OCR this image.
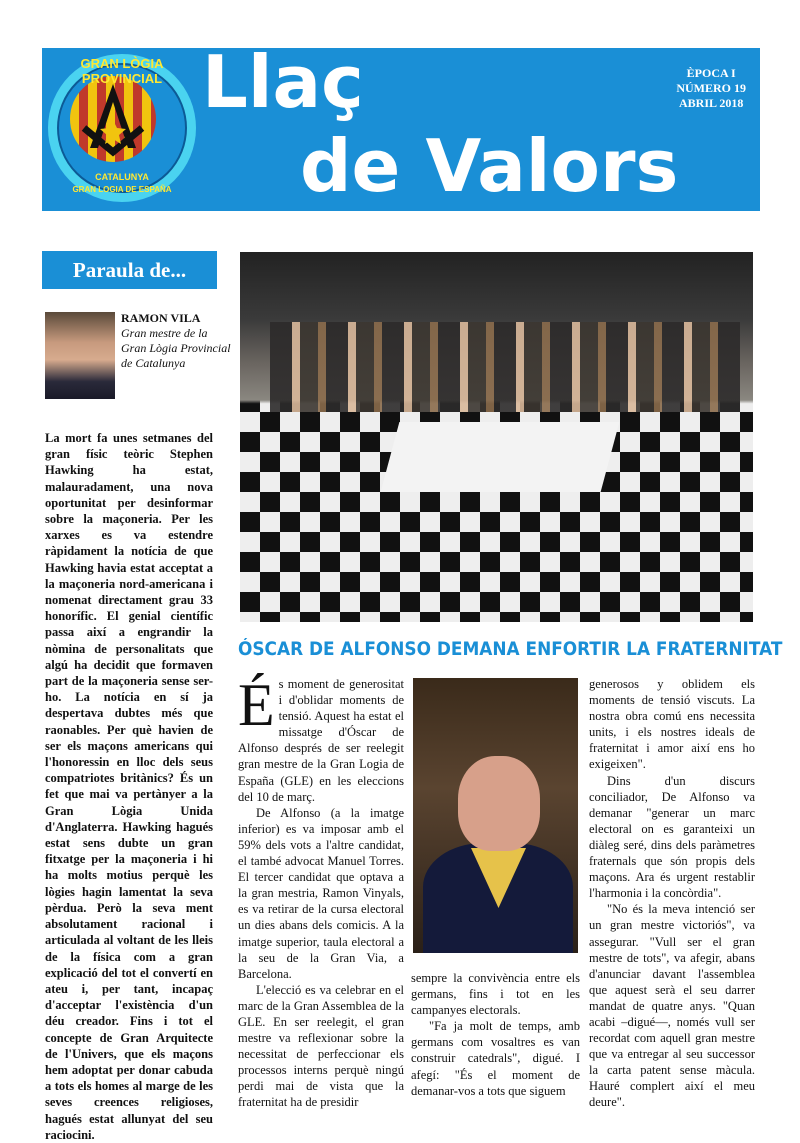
GRAN LÒGIA PROVINCIAL
CATALUNYA
GRAN LOGIA DE ESPAÑA
Llaç
de Valors
ÈPOCA I
NÚMERO 19
ABRIL 2018
Paraula de...
RAMON VILA
Gran mestre de la Gran Lògia Provincial de Catalunya

La mort fa unes setmanes del gran físic teòric Stephen Hawking ha estat, malauradament, una nova oportunitat per desinformar sobre la maçoneria. Per les xarxes es va estendre ràpidament la notícia de que Hawking havia estat acceptat a la maçoneria nord-americana i nomenat directament grau 33 honorífic. El genial científic passa així a engrandir la nòmina de personalitats que algú ha decidit que formaven part de la maçoneria sense ser-ho. La notícia en sí ja despertava dubtes més que raonables. Per què havien de ser els maçons americans qui l'honoressin en lloc dels seus compatriotes britànics? És un fet que mai va pertànyer a la Gran Lògia Unida d'Anglaterra. Hawking hagués estat sens dubte un gran fitxatge per la maçoneria i hi ha molts motius perquè les lògies hagin lamentat la seva pèrdua. Però la seva ment absolutament racional i articulada al voltant de les lleis de la física com a gran explicació del tot el convertí en ateu i, per tant, incapaç d'acceptar l'existència d'un déu creador. Fins i tot el concepte de Gran Arquitecte de l'Univers, que els maçons hem adoptat per donar cabuda a tots els homes al marge de les seves creences religioses, hagués estat allunyat del seu raciocini.

ÓSCAR DE ALFONSO DEMANA ENFORTIR LA FRATERNITAT

És moment de generositat i d'oblidar moments de tensió. Aquest ha estat el missatge d'Óscar de Alfonso després de ser reelegit gran mestre de la Gran Logia de España (GLE) en les eleccions del 10 de març.

De Alfonso (a la imatge inferior) es va imposar amb el 59% dels vots a l'altre candidat, el també advocat Manuel Torres. El tercer candidat que optava a la gran mestria, Ramon Vinyals, es va retirar de la cursa electoral un dies abans dels comicis. A la imatge superior, taula electoral a la seu de la Gran Via, a Barcelona.

L'elecció es va celebrar en el marc de la Gran Assemblea de la GLE. En ser reelegit, el gran mestre va reflexionar sobre la necessitat de perfeccionar els processos interns perquè ningú perdi mai de vista que la fraternitat ha de presidir

sempre la convivència entre els germans, fins i tot en les campanyes electorals.

"Fa ja molt de temps, amb germans com vosaltres es van construir catedrals", digué. I afegí: "És el moment de demanar-vos a tots que siguem

generosos y oblidem els moments de tensió viscuts. La nostra obra comú ens necessita units, i els nostres ideals de fraternitat i amor així ens ho exigeixen".

Dins d'un discurs conciliador, De Alfonso va demanar "generar un marc electoral on es garanteixi un diàleg seré, dins dels paràmetres fraternals que són propis dels maçons. Ara és urgent restablir l'harmonia i la concòrdia".

"No és la meva intenció ser un gran mestre victoriós", va assegurar. "Vull ser el gran mestre de tots", va afegir, abans d'anunciar davant l'assemblea que aquest serà el seu darrer mandat de quatre anys. "Quan acabi –digué—, només vull ser recordat com aquell gran mestre que va entregar al seu successor la carta patent sense màcula. Hauré complert així el meu deure".
